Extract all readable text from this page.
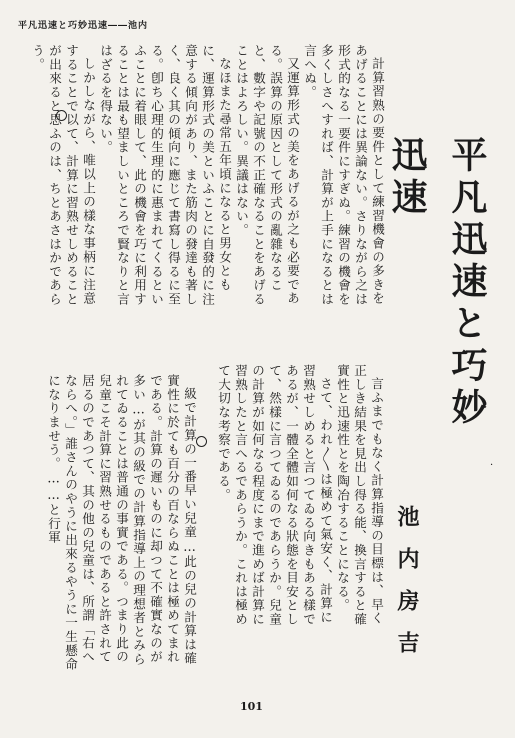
平凡迅速と巧妙迅速――池内
平凡迅速と巧妙迅速
池内房吉

計算習熟の要件として練習機會の多きをあげることには異論ない。さりながら之は形式的なる一要件にすぎぬ。練習の機會を多くしさへすれば、計算が上手になるとは言へぬ。

又運算形式の美をあげるが之も必要である。誤算の原因として形式の亂雜なること、數字や記號の不正確なることをあげることはよろしい。異議はない。

なほまた尋常五年頃になると男女ともに、運算形式の美といふことに自發的に注意する傾向があり、また筋肉の發達も著しく、良く其の傾向に應じて書寫し得るに至る。卽ち心理的生理的に惠まれてくるといふことに着眼して、此の機會を巧に利用することは最も望ましいところで賢なりと言はざるを得ない。

しかしながら、唯以上の樣な事柄に注意することで以て、計算に習熟せしめることが出來ると思ふのは、ちとあさはかであらう。

言ふまでもなく計算指導の目標は、早く正しき結果を見出し得る能、換言すると確實性と迅速性とを陶冶することになる。

さて、われ〳〵は極めて氣安く、計算に習熟せしめると言つてゐる向きもある樣であるが、一體全體如何なる狀態を目安として、然樣に言つてゐるのであらうか。兒童の計算が如何なる程度にまで進めば計算に習熟したと言へるであらうか。これは極めて大切な考察である。

級で計算の一番早い兒童…此の兒の計算は確實性に於ても百分の百ならぬことは極めてまれである。計算の遲いものに却つて不確實なのが多い…が其の級での計算指導上の理想者とみられてゐることは普通の事實である。つまり此の兒童こそ計算に習熟せるものであると許されて居るのであつて、其の他の兒童は、所謂「右へならへ。」誰さんのやうに出來るやうに一生懸命になりませう。……と行軍	·
101
